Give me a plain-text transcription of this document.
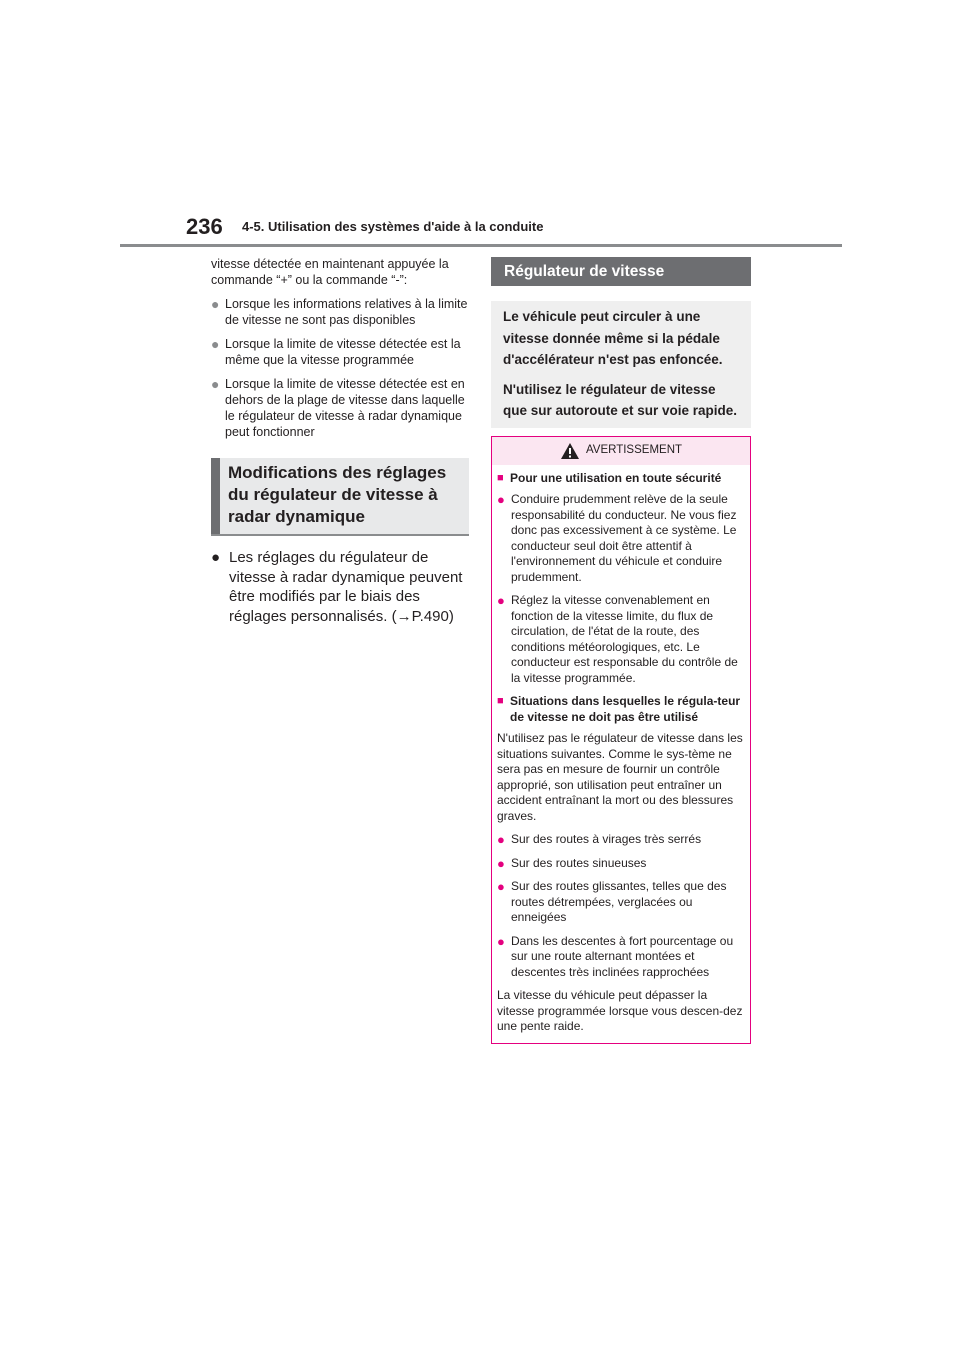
236 4-5. Utilisation des systèmes d'aide à la conduite

vitesse détectée en maintenant appuyée la commande “+” ou la commande “-”:

● Lorsque les informations relatives à la limite de vitesse ne sont pas disponibles
● Lorsque la limite de vitesse détectée est la même que la vitesse programmée
● Lorsque la limite de vitesse détectée est en dehors de la plage de vitesse dans laquelle le régulateur de vitesse à radar dynamique peut fonctionner
Modifications des réglages du régulateur de vitesse à radar dynamique
● Les réglages du régulateur de vitesse à radar dynamique peuvent être modifiés par le biais des réglages personnalisés. (→P.490)
Régulateur de vitesse

Le véhicule peut circuler à une vitesse donnée même si la pédale d'accélérateur n'est pas enfoncée.

N'utilisez le régulateur de vitesse que sur autoroute et sur voie rapide.

AVERTISSEMENT
■ Pour une utilisation en toute sécurité
● Conduire prudemment relève de la seule responsabilité du conducteur. Ne vous fiez donc pas excessivement à ce système. Le conducteur seul doit être attentif à l'environnement du véhicule et conduire prudemment.
● Réglez la vitesse convenablement en fonction de la vitesse limite, du flux de circulation, de l'état de la route, des conditions météorologiques, etc. Le conducteur est responsable du contrôle de la vitesse programmée.
■ Situations dans lesquelles le régula-teur de vitesse ne doit pas être utilisé

N'utilisez pas le régulateur de vitesse dans les situations suivantes. Comme le sys-tème ne sera pas en mesure de fournir un contrôle approprié, son utilisation peut entraîner un accident entraînant la mort ou des blessures graves.

● Sur des routes à virages très serrés
● Sur des routes sinueuses
● Sur des routes glissantes, telles que des routes détrempées, verglacées ou enneigées
● Dans les descentes à fort pourcentage ou sur une route alternant montées et descentes très inclinées rapprochées

La vitesse du véhicule peut dépasser la vitesse programmée lorsque vous descen-dez une pente raide.
